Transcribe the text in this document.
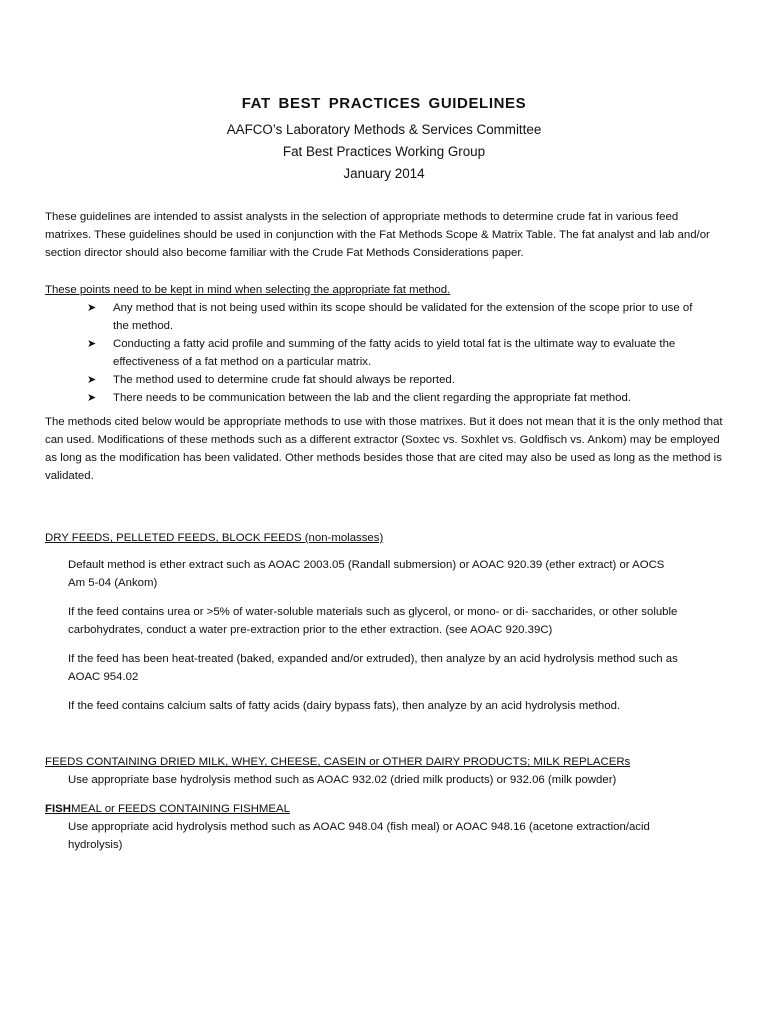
FAT BEST PRACTICES GUIDELINES
AAFCO’s Laboratory Methods & Services Committee
Fat Best Practices Working Group
January 2014

These guidelines are intended to assist analysts in the selection of appropriate methods to determine crude fat in various feed matrixes. These guidelines should be used in conjunction with the Fat Methods Scope & Matrix Table. The fat analyst and lab and/or section director should also become familiar with the Crude Fat Methods Considerations paper.

These points need to be kept in mind when selecting the appropriate fat method.

➤ Any method that is not being used within its scope should be validated for the extension of the scope prior to use of the method.
➤ Conducting a fatty acid profile and summing of the fatty acids to yield total fat is the ultimate way to evaluate the effectiveness of a fat method on a particular matrix.
➤ The method used to determine crude fat should always be reported.
➤ There needs to be communication between the lab and the client regarding the appropriate fat method.

The methods cited below would be appropriate methods to use with those matrixes. But it does not mean that it is the only method that can used. Modifications of these methods such as a different extractor (Soxtec vs. Soxhlet vs. Goldfisch vs. Ankom) may be employed as long as the modification has been validated. Other methods besides those that are cited may also be used as long as the method is validated.

DRY FEEDS, PELLETED FEEDS, BLOCK FEEDS (non-molasses)

Default method is ether extract such as AOAC 2003.05 (Randall submersion) or AOAC 920.39 (ether extract) or AOCS Am 5-04 (Ankom)

If the feed contains urea or >5% of water-soluble materials such as glycerol, or mono- or di- saccharides, or other soluble carbohydrates, conduct a water pre-extraction prior to the ether extraction. (see AOAC 920.39C)

If the feed has been heat-treated (baked, expanded and/or extruded), then analyze by an acid hydrolysis method such as AOAC 954.02

If the feed contains calcium salts of fatty acids (dairy bypass fats), then analyze by an acid hydrolysis method.

FEEDS CONTAINING DRIED MILK, WHEY, CHEESE, CASEIN or OTHER DAIRY PRODUCTS; MILK REPLACERs

Use appropriate base hydrolysis method such as AOAC 932.02 (dried milk products) or 932.06 (milk powder)

FISHMEAL or FEEDS CONTAINING FISHMEAL

Use appropriate acid hydrolysis method such as AOAC 948.04 (fish meal) or AOAC 948.16 (acetone extraction/acid hydrolysis)
